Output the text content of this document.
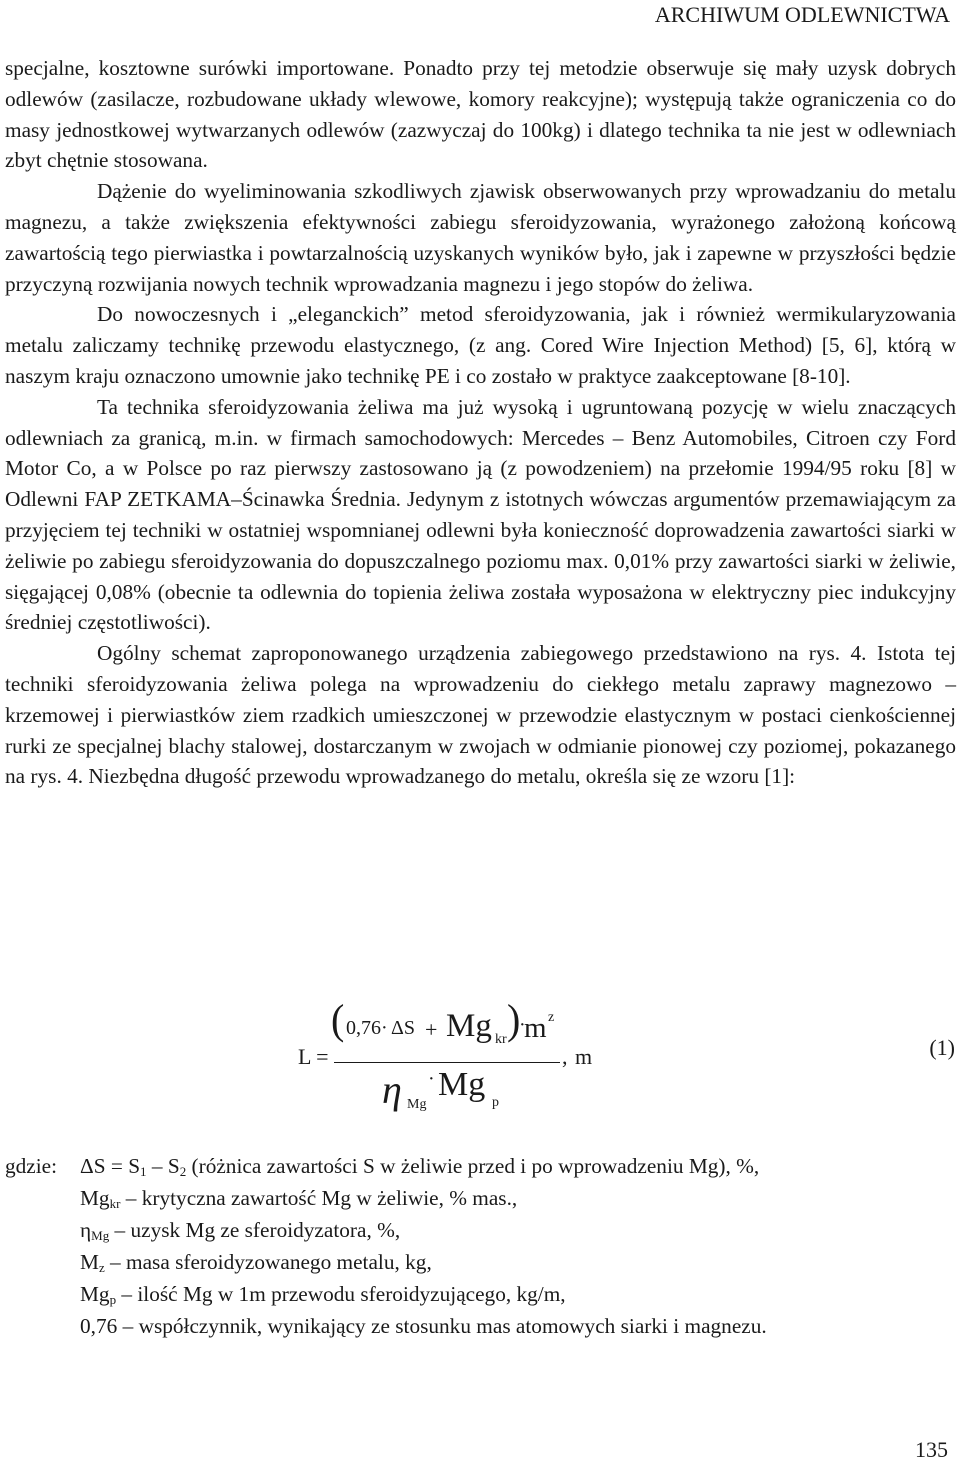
ARCHIWUM ODLEWNICTWA

specjalne, kosztowne surówki importowane. Ponadto przy tej metodzie obserwuje się mały uzysk dobrych odlewów (zasilacze, rozbudowane układy wlewowe, komory reakcyjne); występują także ograniczenia co do masy jednostkowej wytwarzanych odlewów (zazwyczaj do 100kg) i dlatego technika ta nie jest w odlewniach zbyt chętnie stosowana.

Dążenie do wyeliminowania szkodliwych zjawisk obserwowanych przy wprowadzaniu do metalu magnezu, a także zwiększenia efektywności zabiegu sferoidyzowania, wyrażonego założoną końcową zawartością tego pierwiastka i powtarzalnością uzyskanych wyników było, jak i zapewne w przyszłości będzie przyczyną rozwijania nowych technik wprowadzania magnezu i jego stopów do żeliwa.

Do nowoczesnych i „eleganckich” metod sferoidyzowania, jak i również wermikularyzowania metalu zaliczamy technikę przewodu elastycznego, (z ang. Cored Wire Injection Method) [5, 6], którą w naszym kraju oznaczono umownie jako technikę PE i co zostało w praktyce zaakceptowane [8-10].

Ta technika sferoidyzowania żeliwa ma już wysoką i ugruntowaną pozycję w wielu znaczących odlewniach za granicą, m.in. w firmach samochodowych: Mercedes – Benz Automobiles, Citroen czy Ford Motor Co, a w Polsce po raz pierwszy zastosowano ją (z powodzeniem) na przełomie 1994/95 roku [8] w Odlewni FAP ZETKAMA–Ścinawka Średnia. Jedynym z istotnych wówczas argumentów przemawiającym za przyjęciem tej techniki w ostatniej wspomnianej odlewni była konieczność doprowadzenia zawartości siarki w żeliwie po zabiegu sferoidyzowania do dopuszczalnego poziomu max. 0,01% przy zawartości siarki w żeliwie, sięgającej 0,08% (obecnie ta odlewnia do topienia żeliwa została wyposażona w elektryczny piec indukcyjny średniej częstotliwości).

Ogólny schemat zaproponowanego urządzenia zabiegowego przedstawiono na rys. 4. Istota tej techniki sferoidyzowania żeliwa polega na wprowadzeniu do ciekłego metalu zaprawy magnezowo – krzemowej i pierwiastków ziem rzadkich umieszczonej w przewodzie elastycznym w postaci cienkościennej rurki ze specjalnej blachy stalowej, dostarczanym w zwojach w odmianie pionowej czy poziomej, pokazanego na rys. 4. Niezbędna długość przewodu wprowadzanego do metalu, określa się ze wzoru [1]:

L =
( 0,76· ΔS + Mg kr )
·
m z
, m
η Mg
· Mg p
(1)
gdzie: $\Delta S = S_1 - S_2$ (różnica zawartości S w żeliwie przed i po wprowadzeniu Mg), %,
$Mg_{kr}$ – krytyczna zawartość Mg w żeliwie, % mas.,
$\eta_{Mg}$ – uzysk Mg ze sferoidyzatora, %,
$M_z$ – masa sferoidyzowanego metalu, kg,
$Mg_p$ – ilość Mg w 1m przewodu sferoidyzującego, kg/m,
0,76 – współczynnik, wynikający ze stosunku mas atomowych siarki i magnezu.
135
